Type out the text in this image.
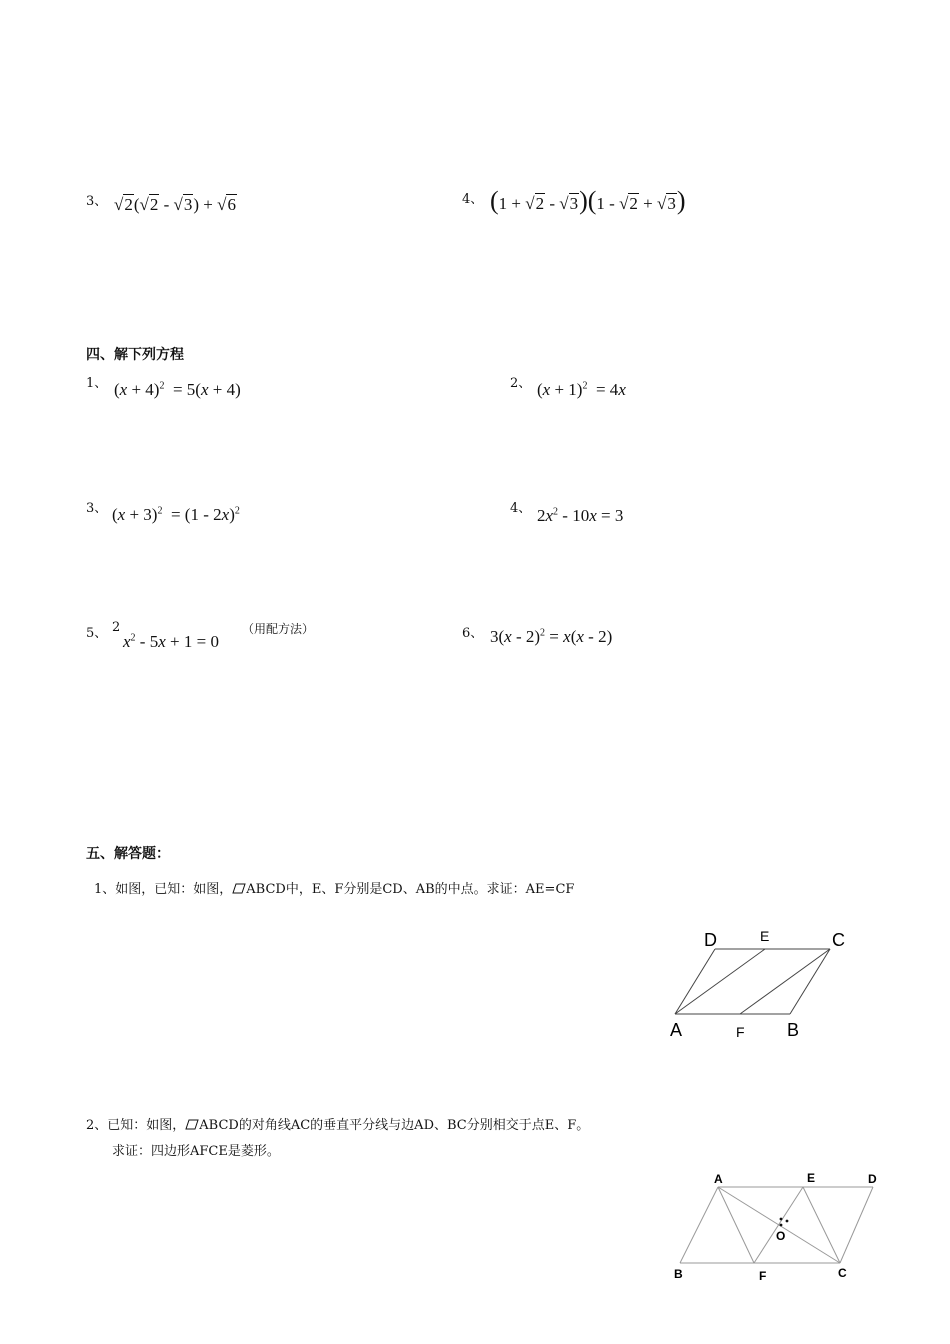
3、 √2(√2 - √3) + √6	4、 (1 + √2 - √3)(1 - √2 + √3)
四、解下列方程
1、 $(x + 4)^2 = 5(x + 4)$	2、 $(x + 1)^2 = 4x$
3、 $(x + 3)^2 = (1 - 2x)^2$	4、 $2x^2 - 10x = 3$
5、 2
$x^2 - 5x + 1 = 0$
（用配方法）	6、 3(x - 2)$^2$ = x(x - 2)
五、解答题：
1、如图，已知：如图， ABCD中，E、F分别是CD、AB的中点。求证：AE=CF
D	E	C
A	F B
2、已知：如图， ABCD的对角线AC的垂直平分线与边AD、BC分别相交于点E、F。
求证：四边形AFCE是菱形。
A	E	D
O
B	F	C
